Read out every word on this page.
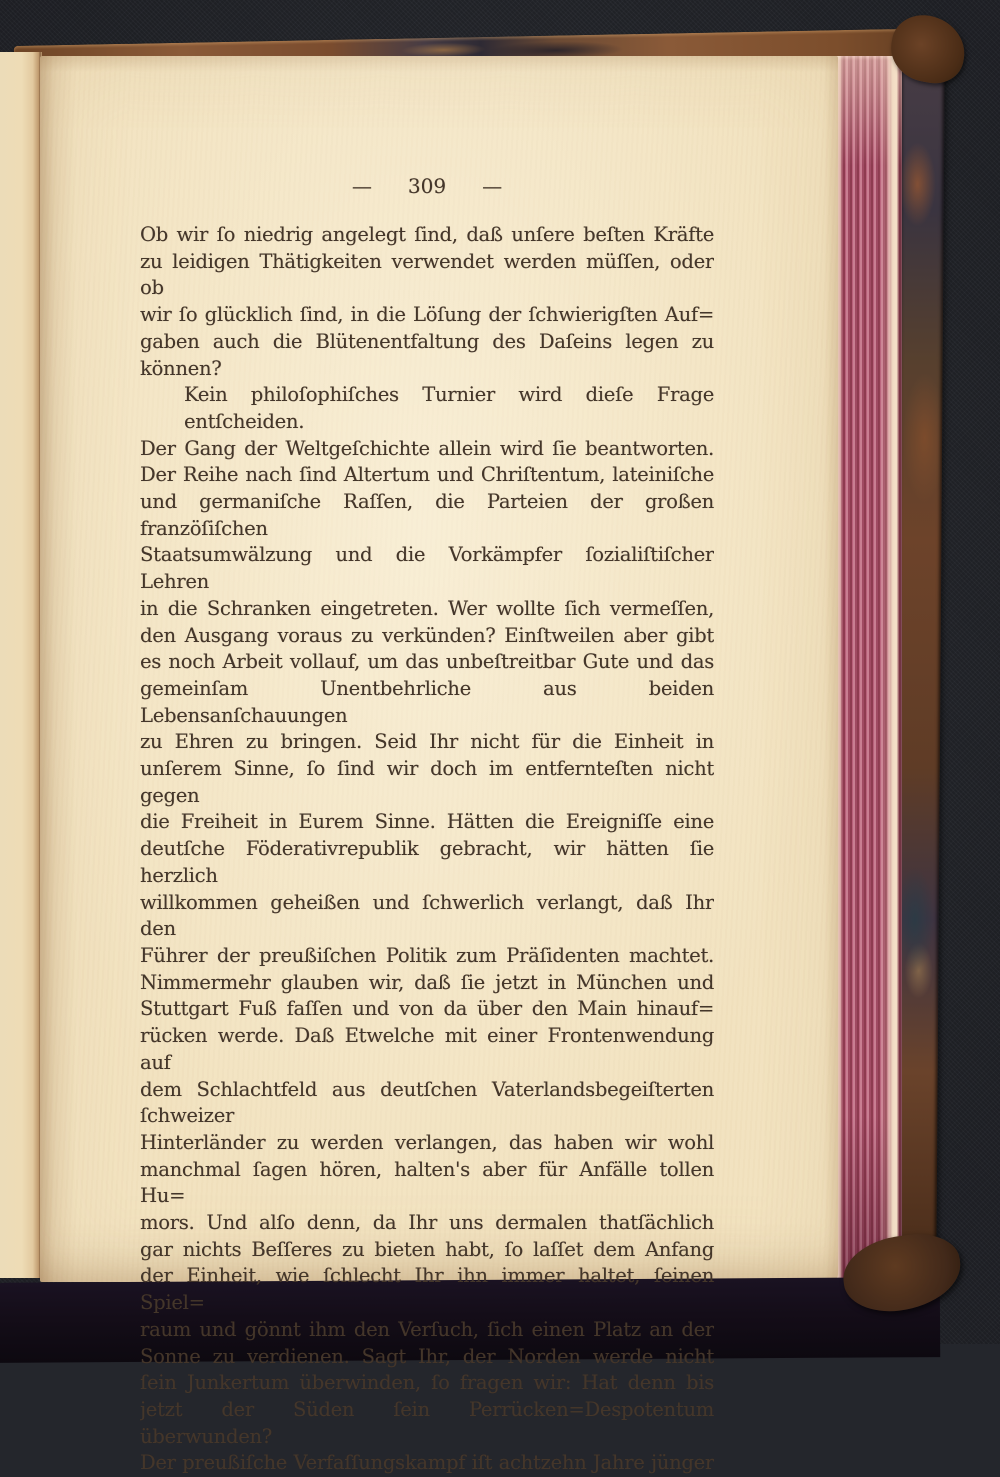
— 309 —
Ob wir ſo niedrig angelegt ſind, daß unſere beſten Kräfte
zu leidigen Thätigkeiten verwendet werden müſſen, oder ob
wir ſo glücklich ſind, in die Löſung der ſchwierigſten Auf=
gaben auch die Blütenentfaltung des Daſeins legen zu
können?
Kein philoſophiſches Turnier wird dieſe Frage entſcheiden.
Der Gang der Weltgeſchichte allein wird ſie beantworten.
Der Reihe nach ſind Altertum und Chriſtentum, lateiniſche
und germaniſche Raſſen, die Parteien der großen franzöſiſchen
Staatsumwälzung und die Vorkämpfer ſozialiſtiſcher Lehren
in die Schranken eingetreten. Wer wollte ſich vermeſſen,
den Ausgang voraus zu verkünden? Einſtweilen aber gibt
es noch Arbeit vollauf, um das unbeſtreitbar Gute und das
gemeinſam Unentbehrliche aus beiden Lebensanſchauungen
zu Ehren zu bringen. Seid Ihr nicht für die Einheit in
unſerem Sinne, ſo ſind wir doch im entfernteſten nicht gegen
die Freiheit in Eurem Sinne. Hätten die Ereigniſſe eine
deutſche Föderativrepublik gebracht, wir hätten ſie herzlich
willkommen geheißen und ſchwerlich verlangt, daß Ihr den
Führer der preußiſchen Politik zum Präſidenten machtet.
Nimmermehr glauben wir, daß ſie jetzt in München und
Stuttgart Fuß faſſen und von da über den Main hinauf=
rücken werde. Daß Etwelche mit einer Frontenwendung auf
dem Schlachtfeld aus deutſchen Vaterlandsbegeiſterten ſchweizer
Hinterländer zu werden verlangen, das haben wir wohl
manchmal ſagen hören, halten's aber für Anfälle tollen Hu=
mors. Und alſo denn, da Ihr uns dermalen thatſächlich
gar nichts Beſſeres zu bieten habt, ſo laſſet dem Anfang
der Einheit, wie ſchlecht Ihr ihn immer haltet, ſeinen Spiel=
raum und gönnt ihm den Verſuch, ſich einen Platz an der
Sonne zu verdienen. Sagt Ihr, der Norden werde nicht
ſein Junkertum überwinden, ſo fragen wir: Hat denn bis
jetzt der Süden ſein Perrücken=Despotentum überwunden?
Der preußiſche Verfaſſungskampf iſt achtzehn Jahre jünger
